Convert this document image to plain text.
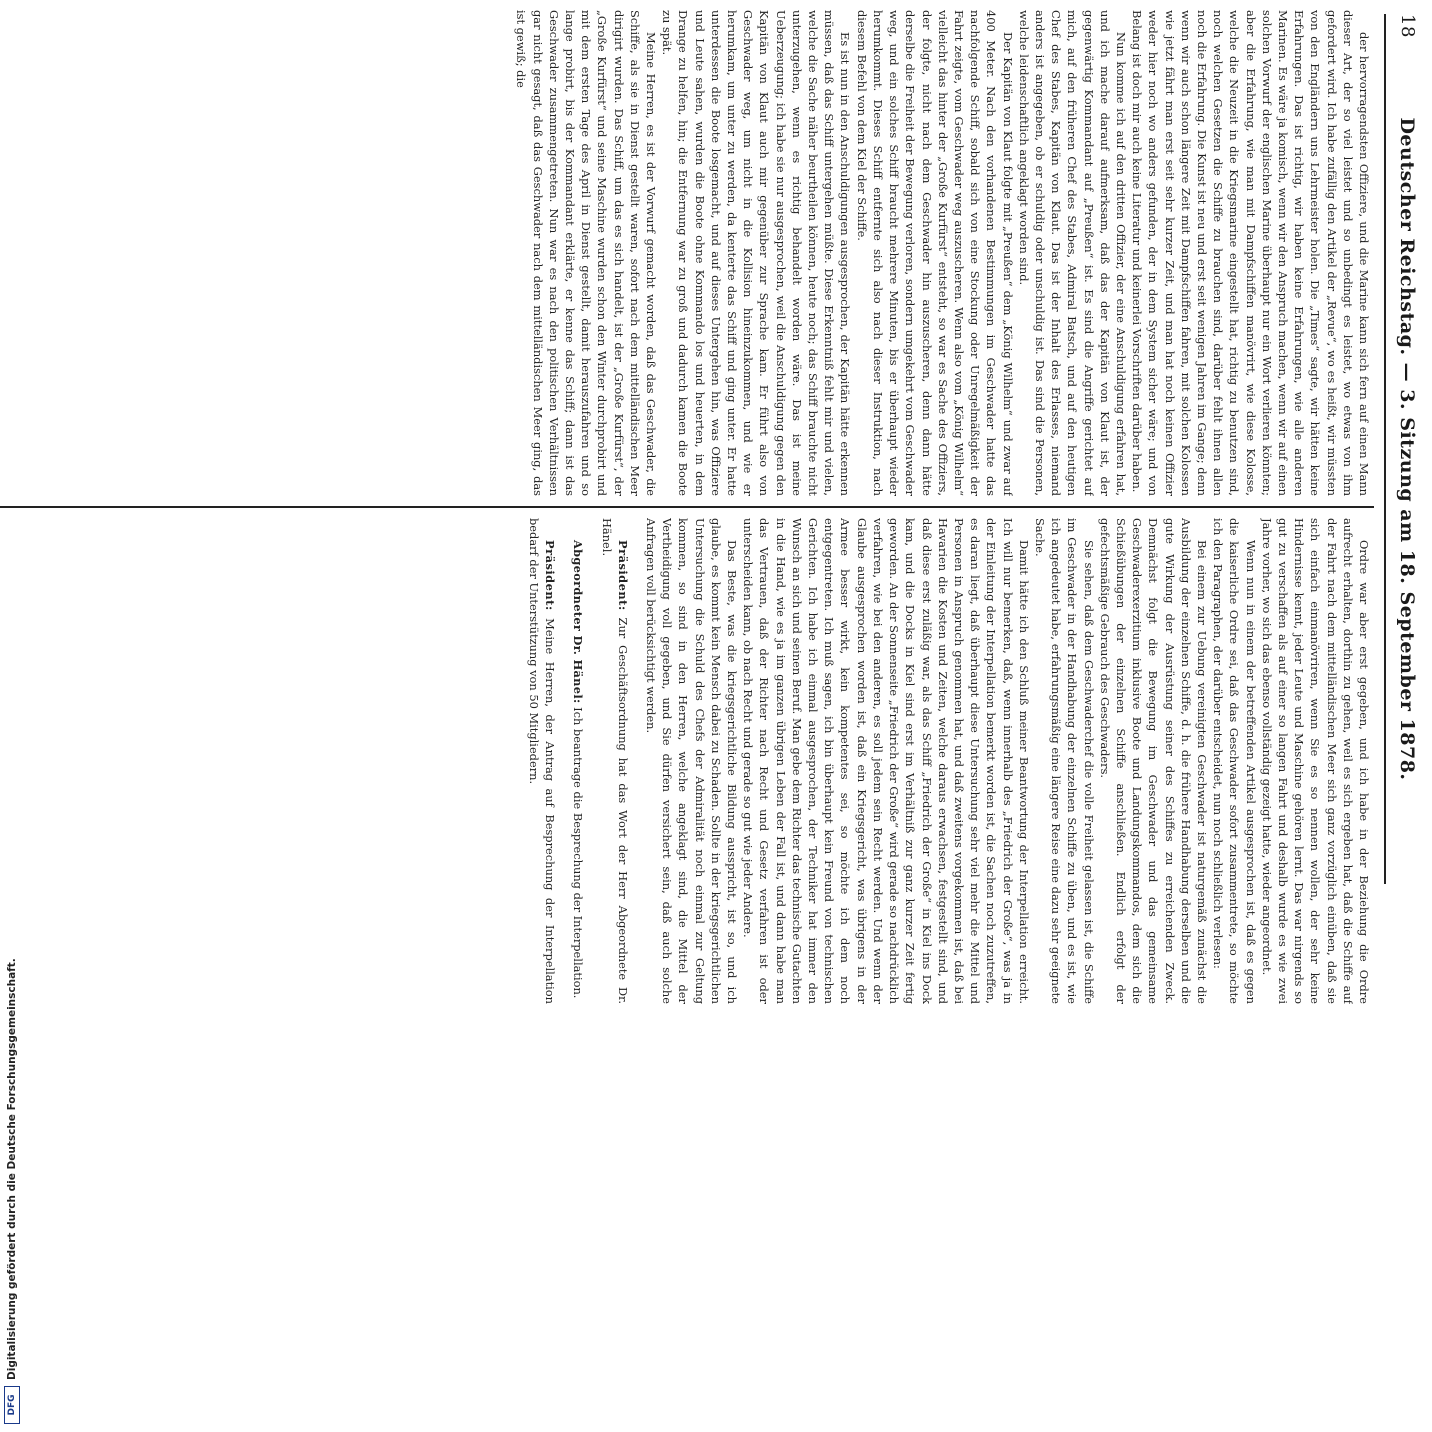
18
Deutscher Reichstag. — 3. Sitzung am 18. September 1878.

der hervorragendsten Offiziere, und die Marine kann sich fern auf einen Mann dieser Art, der so viel leistet und so unbedingt es leistet, wo etwas von ihm gefordert wird. Ich habe zufällig den Artikel der „Revue“, wo es heißt, wir müssten von den Engländern uns Lehrmeister holen. Die „Times“ sagte, wir hätten keine Erfahrungen. Das ist richtig, wir haben keine Erfahrungen, wie alle anderen Marinen. Es wäre ja komisch, wenn wir den Anspruch machen, wenn wir auf einen solchen Vorwurf der englischen Marine überhaupt nur ein Wort verlieren könnten; aber die Erfahrung, wie man mit Dampfschiffen manövrirt, wie diese Kolosse, welche die Neuzeit in die Kriegsmarine eingestellt hat, richtig zu benutzen sind, noch welchen Gesetzen die Schiffe zu brauchen sind, darüber fehlt ihnen allen noch die Erfahrung. Die Kunst ist neu und erst seit wenigen Jahren im Gange; denn wenn wir auch schon längere Zeit mit Dampfschiffen fahren, mit solchen Kolossen wie jetzt fährt man erst seit sehr kurzer Zeit, und man hat noch keinen Offizier weder hier noch wo anders gefunden, der in dem System sicher wäre; und von Belang ist doch mir auch keine Literatur und keinerlei Vorschriften darüber haben.

Nun komme ich auf den dritten Offizier, der eine Anschuldigung erfahren hat, und ich mache darauf aufmerksam, daß das der Kapitän von Klaut ist, der gegenwärtig Kommandant auf „Preußen“ ist. Es sind die Angriffe gerichtet auf mich, auf den früheren Chef des Stabes, Admiral Batsch, und auf den heutigen Chef des Stabes, Kapitän von Klaut. Das ist der Inhalt des Erlasses, niemand anders ist angegeben, ob er schuldig oder unschuldig ist. Das sind die Personen, welche leidenschaftlich angeklagt worden sind.

Der Kapitän von Klaut folgte mit „Preußen“ dem „König Wilhelm“ und zwar auf 400 Meter. Nach den vorhandenen Bestimmungen im Geschwader hatte das nachfolgende Schiff, sobald sich von eine Stockung oder Unregelmäßigkeit der Fahrt zeigte, vom Geschwader weg auszuscheren. Wenn also vom „König Wilhelm“ vielleicht das hinter der „Große Kurfürst“ entsteht, so war es Sache des Offiziers, der folgte, nicht nach dem Geschwader hin auszuscheren, denn dann hätte derselbe die Freiheit der Bewegung verloren, sondern umgekehrt vom Geschwader weg, und ein solches Schiff braucht mehrere Minuten, bis er überhaupt wieder herumkommt. Dieses Schiff entfernte sich also nach dieser Instruktion, nach diesem Befehl von dem Kiel der Schiffe.

Es ist nun in den Anschuldigungen ausgesprochen, der Kapitän hätte erkennen müssen, daß das Schiff untergehen müßte. Diese Erkenntniß fehlt mir und vielen, welche die Sache näher beurtheilen können, heute noch; das Schiff brauchte nicht unterzugehen, wenn es richtig behandelt worden wäre. Das ist meine Ueberzeugung; ich habe sie nur ausgesprochen, weil die Anschuldigung gegen den Kapitän von Klaut auch mir gegenüber zur Sprache kam. Er führt also von Geschwader weg, um nicht in die Kollision hineinzukommen, und wie er herumkam, um unter zu werden, da kenterte das Schiff und ging unter. Er hatte unterdessen die Boote losgemacht, und auf dieses Untergehen hin, was Offiziere und Leute sahen, wurden die Boote ohne Kommando los und heuerten, in dem Drange zu helfen, hin; die Entfernung war zu groß und dadurch kamen die Boote zu spät.

Meine Herren, es ist der Vorwurf gemacht worden, daß das Geschwader, die Schiffe, als sie in Dienst gestellt waren, sofort nach dem mittelländischen Meer dirigirt wurden. Das Schiff, um das es sich handelt, ist der „Große Kurfürst“, der „Große Kurfürst“ und seine Maschine wurden schon den Winter durchprobirt und mit dem ersten Tage des April in Dienst gestellt, damit herauszufahren und so lange probirt, bis der Kommandant erklärte, er kenne das Schiff; dann ist das Geschwader zusammengetreten. Nun war es nach den politischen Verhältnissen gar nicht gesagt, daß das Geschwader nach dem mittelländischen Meer ging, das ist gewiß; die

Ordre war aber erst gegeben, und ich habe in der Beziehung die Ordre aufrecht erhalten, dorthin zu gehen, weil es sich ergeben hat, daß die Schiffe auf der Fahrt nach dem mittelländischen Meer sich ganz vorzüglich einüben, daß sie sich einfach einmanövriren, wenn Sie es so nennen wollen, der sehr keine Hindernisse kennt, jeder Leute und Maschine gehören lernt. Das war nirgends so gut zu verschaffen als auf einer so langen Fahrt und deshalb wurde es wie zwei Jahre vorher, wo sich das ebenso vollständig gezeigt hatte, wieder angeordnet.

Wenn nun in einem der betreffenden Artikel ausgesprochen ist, daß es gegen die kaiserliche Ordre sei, daß das Geschwader sofort zusammentrete, so möchte ich den Paragraphen, der darüber entscheidet, nun noch schließlich verlesen:

Bei einem zur Uebung vereinigten Geschwader ist naturgemäß zunächst die Ausbildung der einzelnen Schiffe, d. h. die frühere Handhabung derselben und die gute Wirkung der Ausrüstung seiner des Schiffes zu erreichenden Zweck. Demnächst folgt die Bewegung im Geschwader und das gemeinsame Geschwaderexerzitium inklusive Boote und Landungskommandos, dem sich die Schießübungen der einzelnen Schiffe anschließen. Endlich erfolgt der gefechtsmäßige Gebrauch des Geschwaders.

Sie sehen, daß dem Geschwaderchef die volle Freiheit gelassen ist, die Schiffe im Geschwader in der Handhabung der einzelnen Schiffe zu üben, und es ist, wie ich angedeutet habe, erfahrungsmäßig eine längere Reise eine dazu sehr geeignete Sache.

Damit hätte ich den Schluß meiner Beantwortung der Interpellation erreicht. Ich will nur bemerken, daß, wenn innerhalb des „Friedrich der Große“, was ja in der Einleitung der Interpellation bemerkt worden ist, die Sachen noch zuzutreffen, es daran liegt, daß überhaupt diese Untersuchung sehr viel mehr die Mittel und Personen in Anspruch genommen hat, und daß zweitens vorgekommen ist, daß bei Havarien die Kosten und Zeiten, welche daraus erwachsen, festgestellt sind, und daß diese erst zuläßig war, als das Schiff „Friedrich der Große“ in Kiel ins Dock kam, und die Docks in Kiel sind erst im Verhältniß zur ganz kurzer Zeit fertig geworden. An der Sonnenseite „Friedrich der Große“ wird gerade so nachdrücklich verfahren, wie bei den anderen, es soll jedem sein Recht werden. Und wenn der Glaube ausgesprochen worden ist, daß ein Kriegsgericht, was übrigens in der Armee besser wirkt, kein kompetentes sei, so möchte ich dem noch entgegentreten. Ich muß sagen, ich bin überhaupt kein Freund von technischen Gerichten. Ich habe ich einmal ausgesprochen, der Techniker hat immer den Wunsch an sich und seinen Beruf. Man gebe dem Richter das technische Gutachten in die Hand, wie es ja im ganzen übrigen Leben der Fall ist, und dann habe man das Vertrauen, daß der Richter nach Recht und Gesetz verfahren ist oder unterscheiden kann, ob nach Recht und gerade so gut wie jeder Andere.

Das Beste, was die kriegsgerichtliche Bildung ausspricht, ist so, und ich glaube, es kommt kein Mensch dabei zu Schaden. Sollte in der kriegsgerichtlichen Untersuchung die Schuld des Chefs der Admiralität noch einmal zur Geltung kommen, so sind in den Herren, welche angeklagt sind, die Mittel der Vertheidigung voll gegeben, und Sie dürfen versichert sein, daß auch solche Anfragen voll berücksichtigt werden.

Präsident: Zur Geschäftsordnung hat das Wort der Herr Abgeordnete Dr. Hänel.

Abgeordneter Dr. Hänel: Ich beantrage die Besprechung der Interpellation.

Präsident: Meine Herren, der Antrag auf Besprechung der Interpellation bedarf der Unterstützung von 50 Mitgliedern.

DFG
Digitalisierung gefördert durch die Deutsche Forschungsgemeinschaft.
